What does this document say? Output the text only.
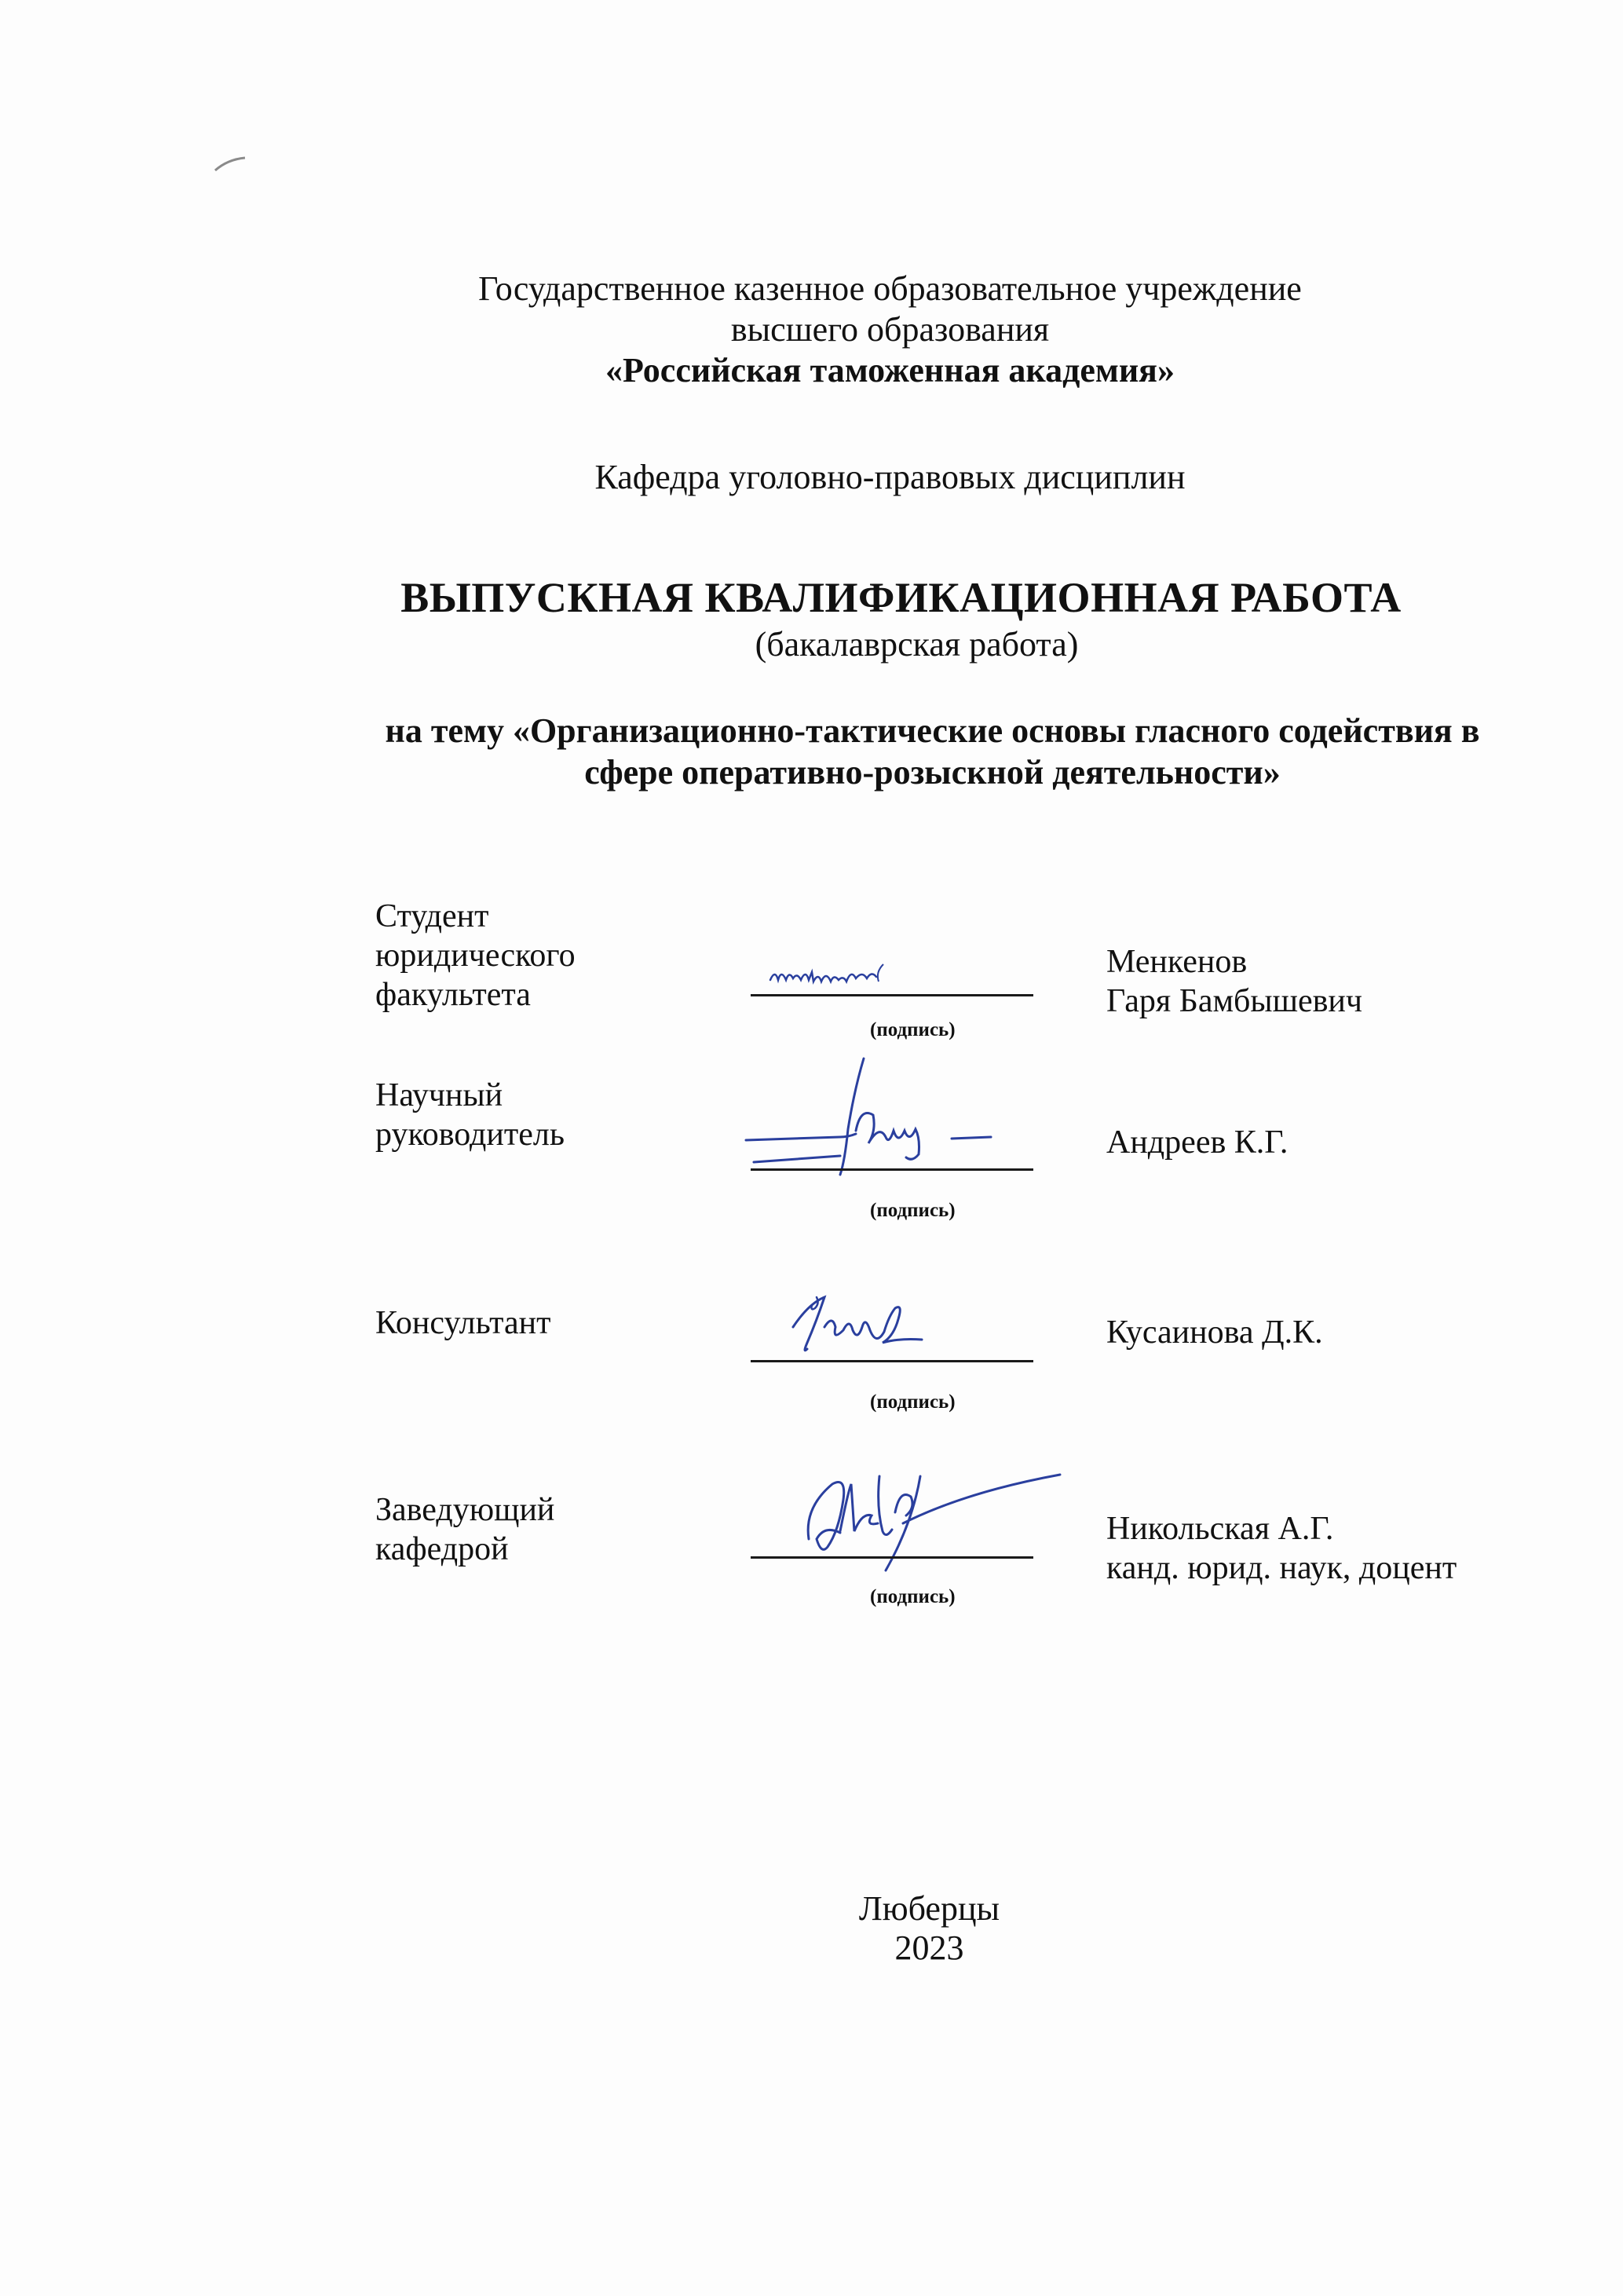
Государственное казенное образовательное учреждение
высшего образования
«Российская таможенная академия»
Кафедра уголовно-правовых дисциплин
ВЫПУСКНАЯ КВАЛИФИКАЦИОННАЯ РАБОТА
(бакалаврская работа)
на тему «Организационно-тактические основы гласного содействия в
сфере оперативно-розыскной деятельности»
Студент
юридического
факультета
(подпись)
Менкенов
Гаря Бамбышевич
Научный
руководитель
(подпись)
Андреев К.Г.
Консультант
(подпись)
Кусаинова Д.К.
Заведующий
кафедрой
(подпись)
Никольская А.Г.
канд. юрид. наук, доцент
Люберцы
2023
